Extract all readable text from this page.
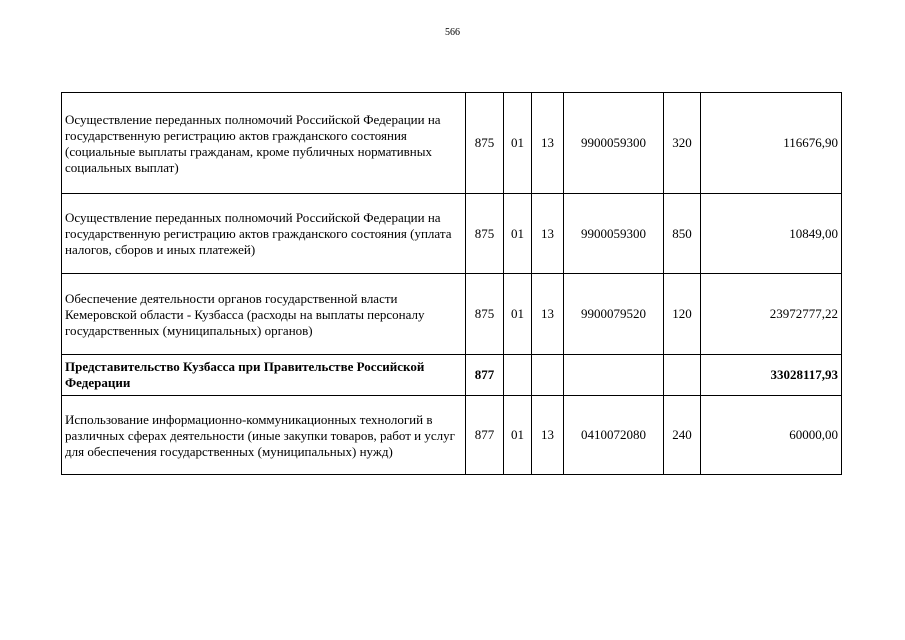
566
Осуществление переданных полномочий Российской Федерации на государственную регистрацию актов гражданского состояния (социальные выплаты гражданам, кроме публичных нормативных социальных выплат)	875	01	13	9900059300	320	116676,90
Осуществление переданных полномочий Российской Федерации на государственную регистрацию актов гражданского состояния (уплата налогов, сборов и иных платежей)	875	01	13	9900059300	850	10849,00
Обеспечение деятельности органов государственной власти Кемеровской области - Кузбасса (расходы на выплаты персоналу государственных (муниципальных) органов)	875	01	13	9900079520	120	23972777,22
Представительство Кузбасса при Правительстве Российской Федерации	877					33028117,93
Использование информационно-коммуникационных технологий в различных сферах деятельности (иные закупки товаров, работ и услуг для обеспечения государственных (муниципальных) нужд)	877	01	13	0410072080	240	60000,00
